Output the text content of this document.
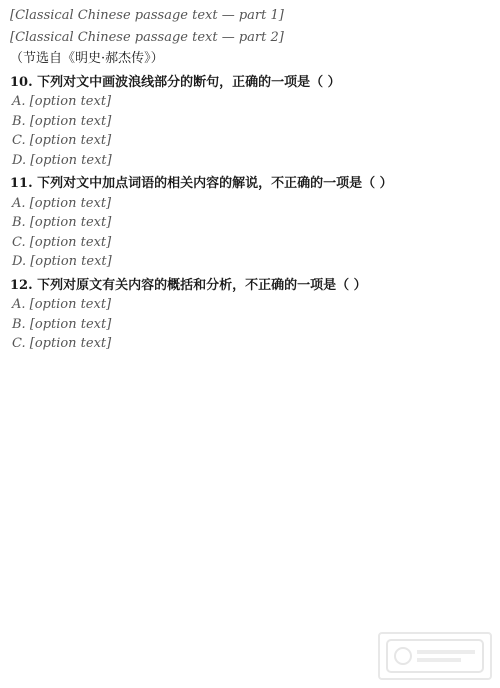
[Classical Chinese passage text — part 1]

[Classical Chinese passage text — part 2]

（节选自《明史·郝杰传》）

10. 下列对文中画波浪线部分的断句，正确的一项是（ ）

A. [option text]

B. [option text]

C. [option text]

D. [option text]

11. 下列对文中加点词语的相关内容的解说，不正确的一项是（ ）

A. [option text]

B. [option text]

C. [option text]

D. [option text]

12. 下列对原文有关内容的概括和分析，不正确的一项是（ ）

A. [option text]

B. [option text]

C. [option text]
